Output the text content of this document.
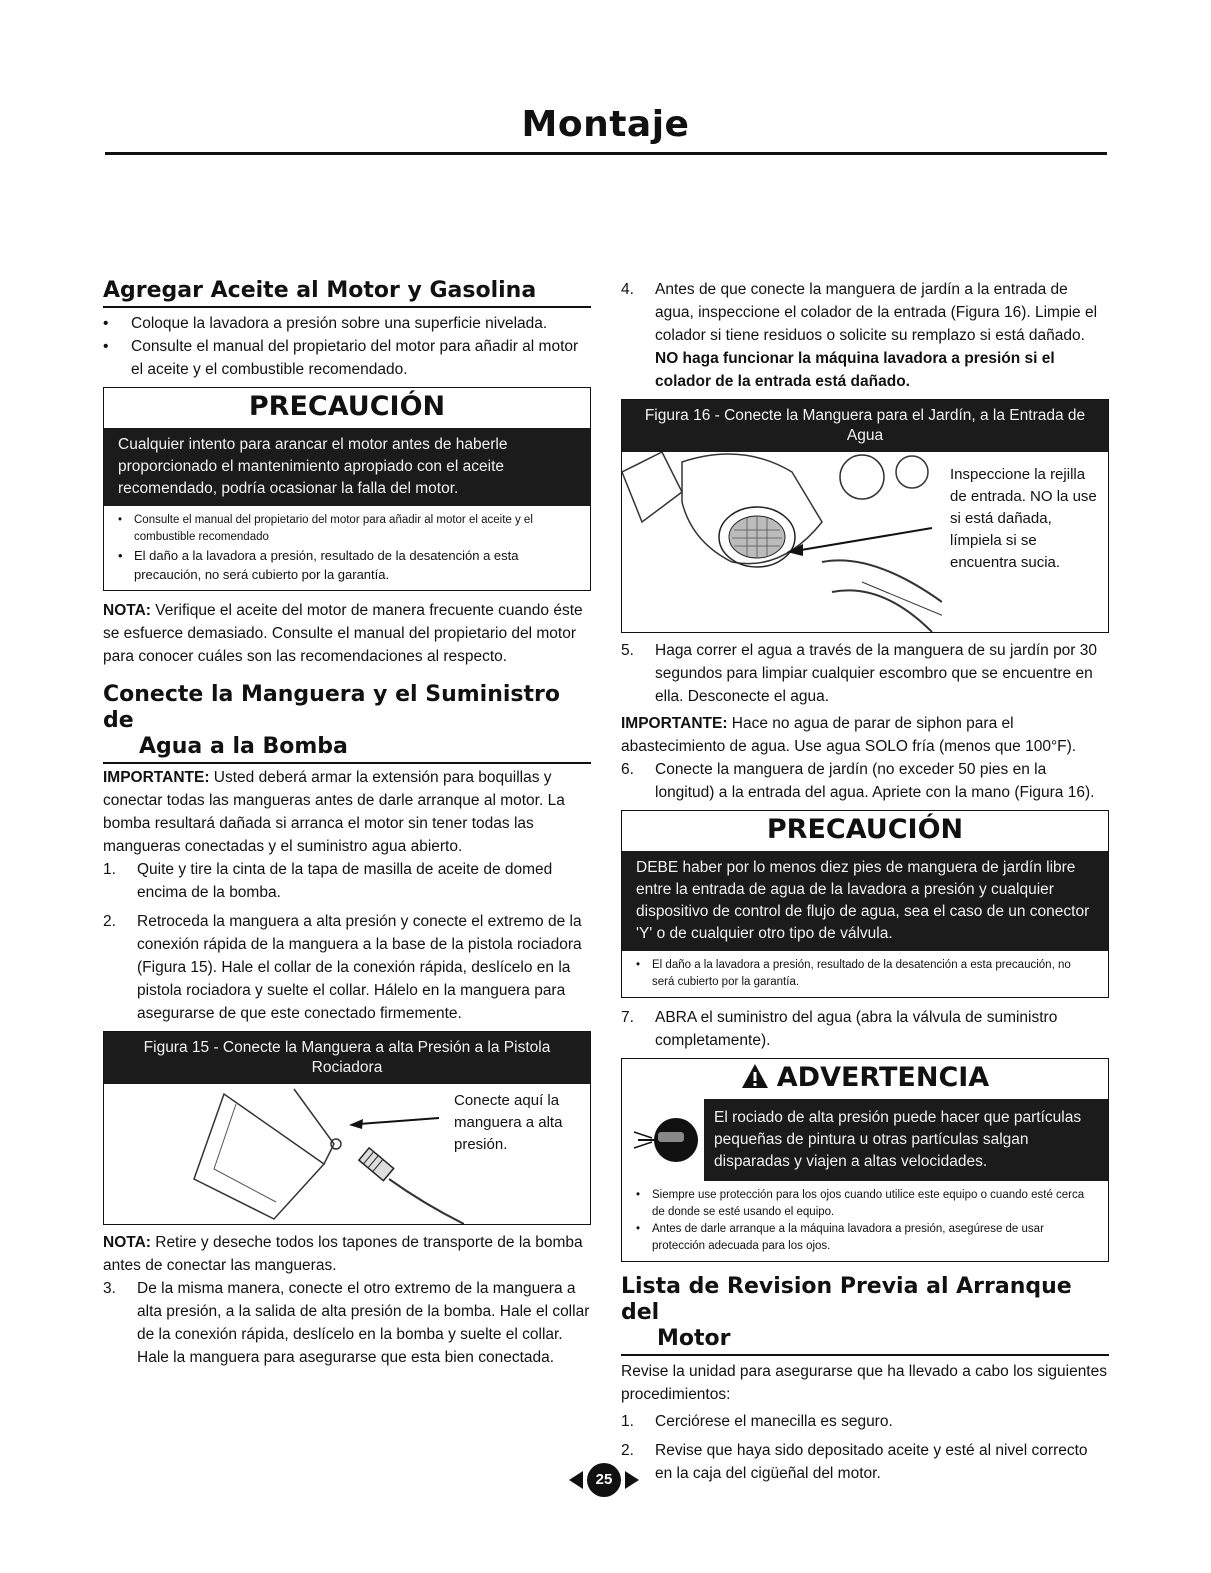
Montaje
Agregar Aceite al Motor y Gasolina
• Coloque la lavadora a presión sobre una superficie nivelada.
• Consulte el manual del propietario del motor para añadir al motor el aceite y el combustible recomendado.
PRECAUCIÓN
Cualquier intento para arancar el motor antes de haberle proporcionado el mantenimiento apropiado con el aceite recomendado, podría ocasionar la falla del motor.
• Consulte el manual del propietario del motor para añadir al motor el aceite y el combustible recomendado
• El daño a la lavadora a presión, resultado de la desatención a esta precaución, no será cubierto por la garantía.

NOTA: Verifique el aceite del motor de manera frecuente cuando éste se esfuerce demasiado. Consulte el manual del propietario del motor para conocer cuáles son las recomendaciones al respecto.

Conecte la Manguera y el Suministro de
Agua a la Bomba

IMPORTANTE: Usted deberá armar la extensión para boquillas y conectar todas las mangueras antes de darle arranque al motor. La bomba resultará dañada si arranca el motor sin tener todas las mangueras conectadas y el suministro agua abierto.

1. Quite y tire la cinta de la tapa de masilla de aceite de domed encima de la bomba.
2. Retroceda la manguera a alta presión y conecte el extremo de la conexión rápida de la manguera a la base de la pistola rociadora (Figura 15). Hale el collar de la conexión rápida, deslícelo en la pistola rociadora y suelte el collar. Hálelo en la manguera para asegurarse de que este conectado firmemente.
Figura 15 - Conecte la Manguera a alta Presión a la Pistola Rociadora
Conecte aquí la manguera a alta presión.

NOTA: Retire y deseche todos los tapones de transporte de la bomba antes de conectar las mangueras.

3. De la misma manera, conecte el otro extremo de la manguera a alta presión, a la salida de alta presión de la bomba. Hale el collar de la conexión rápida, deslícelo en la bomba y suelte el collar. Hale la manguera para asegurarse que esta bien conectada.
4. Antes de que conecte la manguera de jardín a la entrada de agua, inspeccione el colador de la entrada (Figura 16). Limpie el colador si tiene residuos o solicite su remplazo si está dañado. NO haga funcionar la máquina lavadora a presión si el colador de la entrada está dañado.
Figura 16 - Conecte la Manguera para el Jardín, a la Entrada de Agua
Inspeccione la rejilla de entrada. NO la use si está dañada, límpiela si se encuentra sucia.
5. Haga correr el agua a través de la manguera de su jardín por 30 segundos para limpiar cualquier escombro que se encuentre en ella. Desconecte el agua.

IMPORTANTE: Hace no agua de parar de siphon para el abastecimiento de agua. Use agua SOLO fría (menos que 100°F).

6. Conecte la manguera de jardín (no exceder 50 pies en la longitud) a la entrada del agua. Apriete con la mano (Figura 16).
PRECAUCIÓN
DEBE haber por lo menos diez pies de manguera de jardín libre entre la entrada de agua de la lavadora a presión y cualquier dispositivo de control de flujo de agua, sea el caso de un conector 'Y' o de cualquier otro tipo de válvula.
• El daño a la lavadora a presión, resultado de la desatención a esta precaución, no será cubierto por la garantía.
7. ABRA el suministro del agua (abra la válvula de suministro completamente).
ADVERTENCIA
El rociado de alta presión puede hacer que partículas pequeñas de pintura u otras partículas salgan disparadas y viajen a altas velocidades.
• Siempre use protección para los ojos cuando utilice este equipo o cuando esté cerca de donde se esté usando el equipo.
• Antes de darle arranque a la máquina lavadora a presión, asegúrese de usar protección adecuada para los ojos.
Lista de Revision Previa al Arranque del
Motor

Revise la unidad para asegurarse que ha llevado a cabo los siguientes procedimientos:

1. Cerciórese el manecilla es seguro.
2. Revise que haya sido depositado aceite y esté al nivel correcto en la caja del cigüeñal del motor.
25
